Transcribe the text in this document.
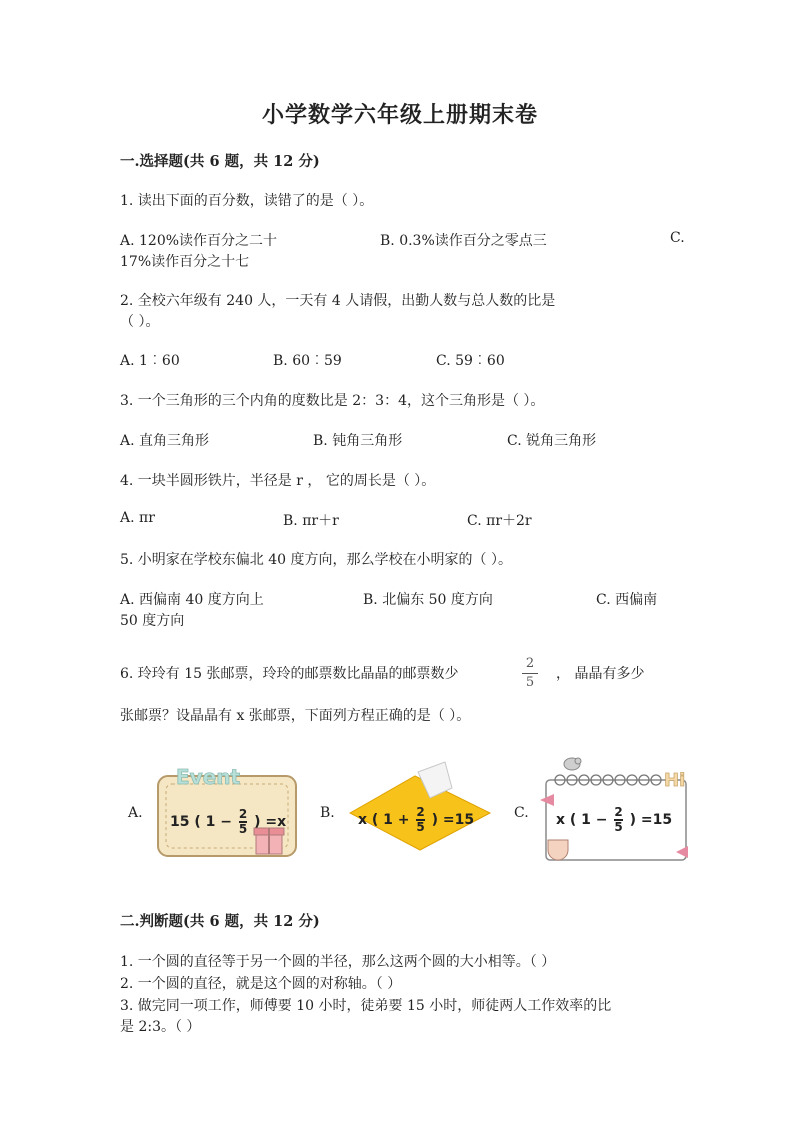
小学数学六年级上册期末卷
一.选择题(共 6 题，共 12 分)
1. 读出下面的百分数，读错了的是（ ）。
A. 120%读作百分之二十	B. 0.3%读作百分之零点三	C.
17%读作百分之十七
2. 全校六年级有 240 人，一天有 4 人请假，出勤人数与总人数的比是
（ ）。
A. 1︰60	B. 60︰59	C. 59︰60
3. 一个三角形的三个内角的度数比是 2：3：4，这个三角形是（ ）。
A. 直角三角形	B. 钝角三角形	C. 锐角三角形
4. 一块半圆形铁片，半径是 r ， 它的周长是（ ）。
A. πr	B. πr＋r	C. πr＋2r
5. 小明家在学校东偏北 40 度方向，那么学校在小明家的（ ）。
A. 西偏南 40 度方向上	B. 北偏东 50 度方向	C. 西偏南
50 度方向
6. 玲玲有 15 张邮票，玲玲的邮票数比晶晶的邮票数少
2
5
， 晶晶有多少
张邮票？设晶晶有 x 张邮票，下面列方程正确的是（ ）。
A.	B.	C.
Event
15 ( $1 - \frac{2}{5}$ ) =x	x ( $1 + \frac{2}{5}$ ) =15
Hi
x ( $1 - \frac{2}{5}$ ) =15
二.判断题(共 6 题，共 12 分)
1. 一个圆的直径等于另一个圆的半径，那么这两个圆的大小相等。（ ）
2. 一个圆的直径，就是这个圆的对称轴。（ ）
3. 做完同一项工作，师傅要 10 小时，徒弟要 15 小时，师徒两人工作效率的比
是 2:3。（ ）
